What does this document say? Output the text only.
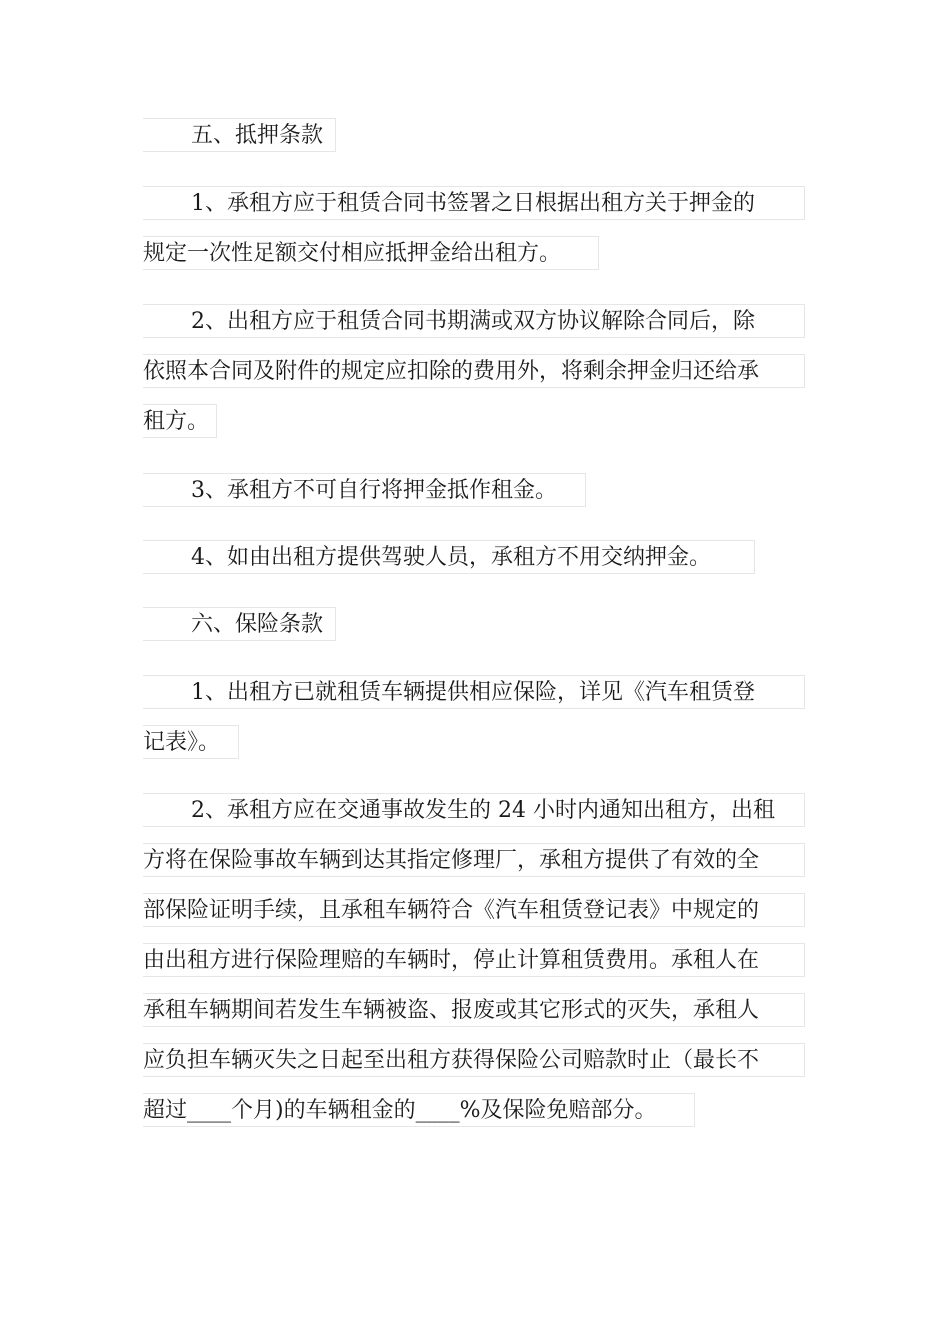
五、抵押条款
1、承租方应于租赁合同书签署之日根据出租方关于押金的
规定一次性足额交付相应抵押金给出租方。
2、出租方应于租赁合同书期满或双方协议解除合同后，除
依照本合同及附件的规定应扣除的费用外，将剩余押金归还给承
租方。
3、承租方不可自行将押金抵作租金。
4、如由出租方提供驾驶人员，承租方不用交纳押金。
六、保险条款
1、出租方已就租赁车辆提供相应保险，详见《汽车租赁登
记表》。
2、承租方应在交通事故发生的 24 小时内通知出租方，出租
方将在保险事故车辆到达其指定修理厂，承租方提供了有效的全
部保险证明手续，且承租车辆符合《汽车租赁登记表》中规定的
由出租方进行保险理赔的车辆时，停止计算租赁费用。承租人在
承租车辆期间若发生车辆被盗、报废或其它形式的灭失，承租人
应负担车辆灭失之日起至出租方获得保险公司赔款时止（最长不
超过____个月)的车辆租金的____%及保险免赔部分。
